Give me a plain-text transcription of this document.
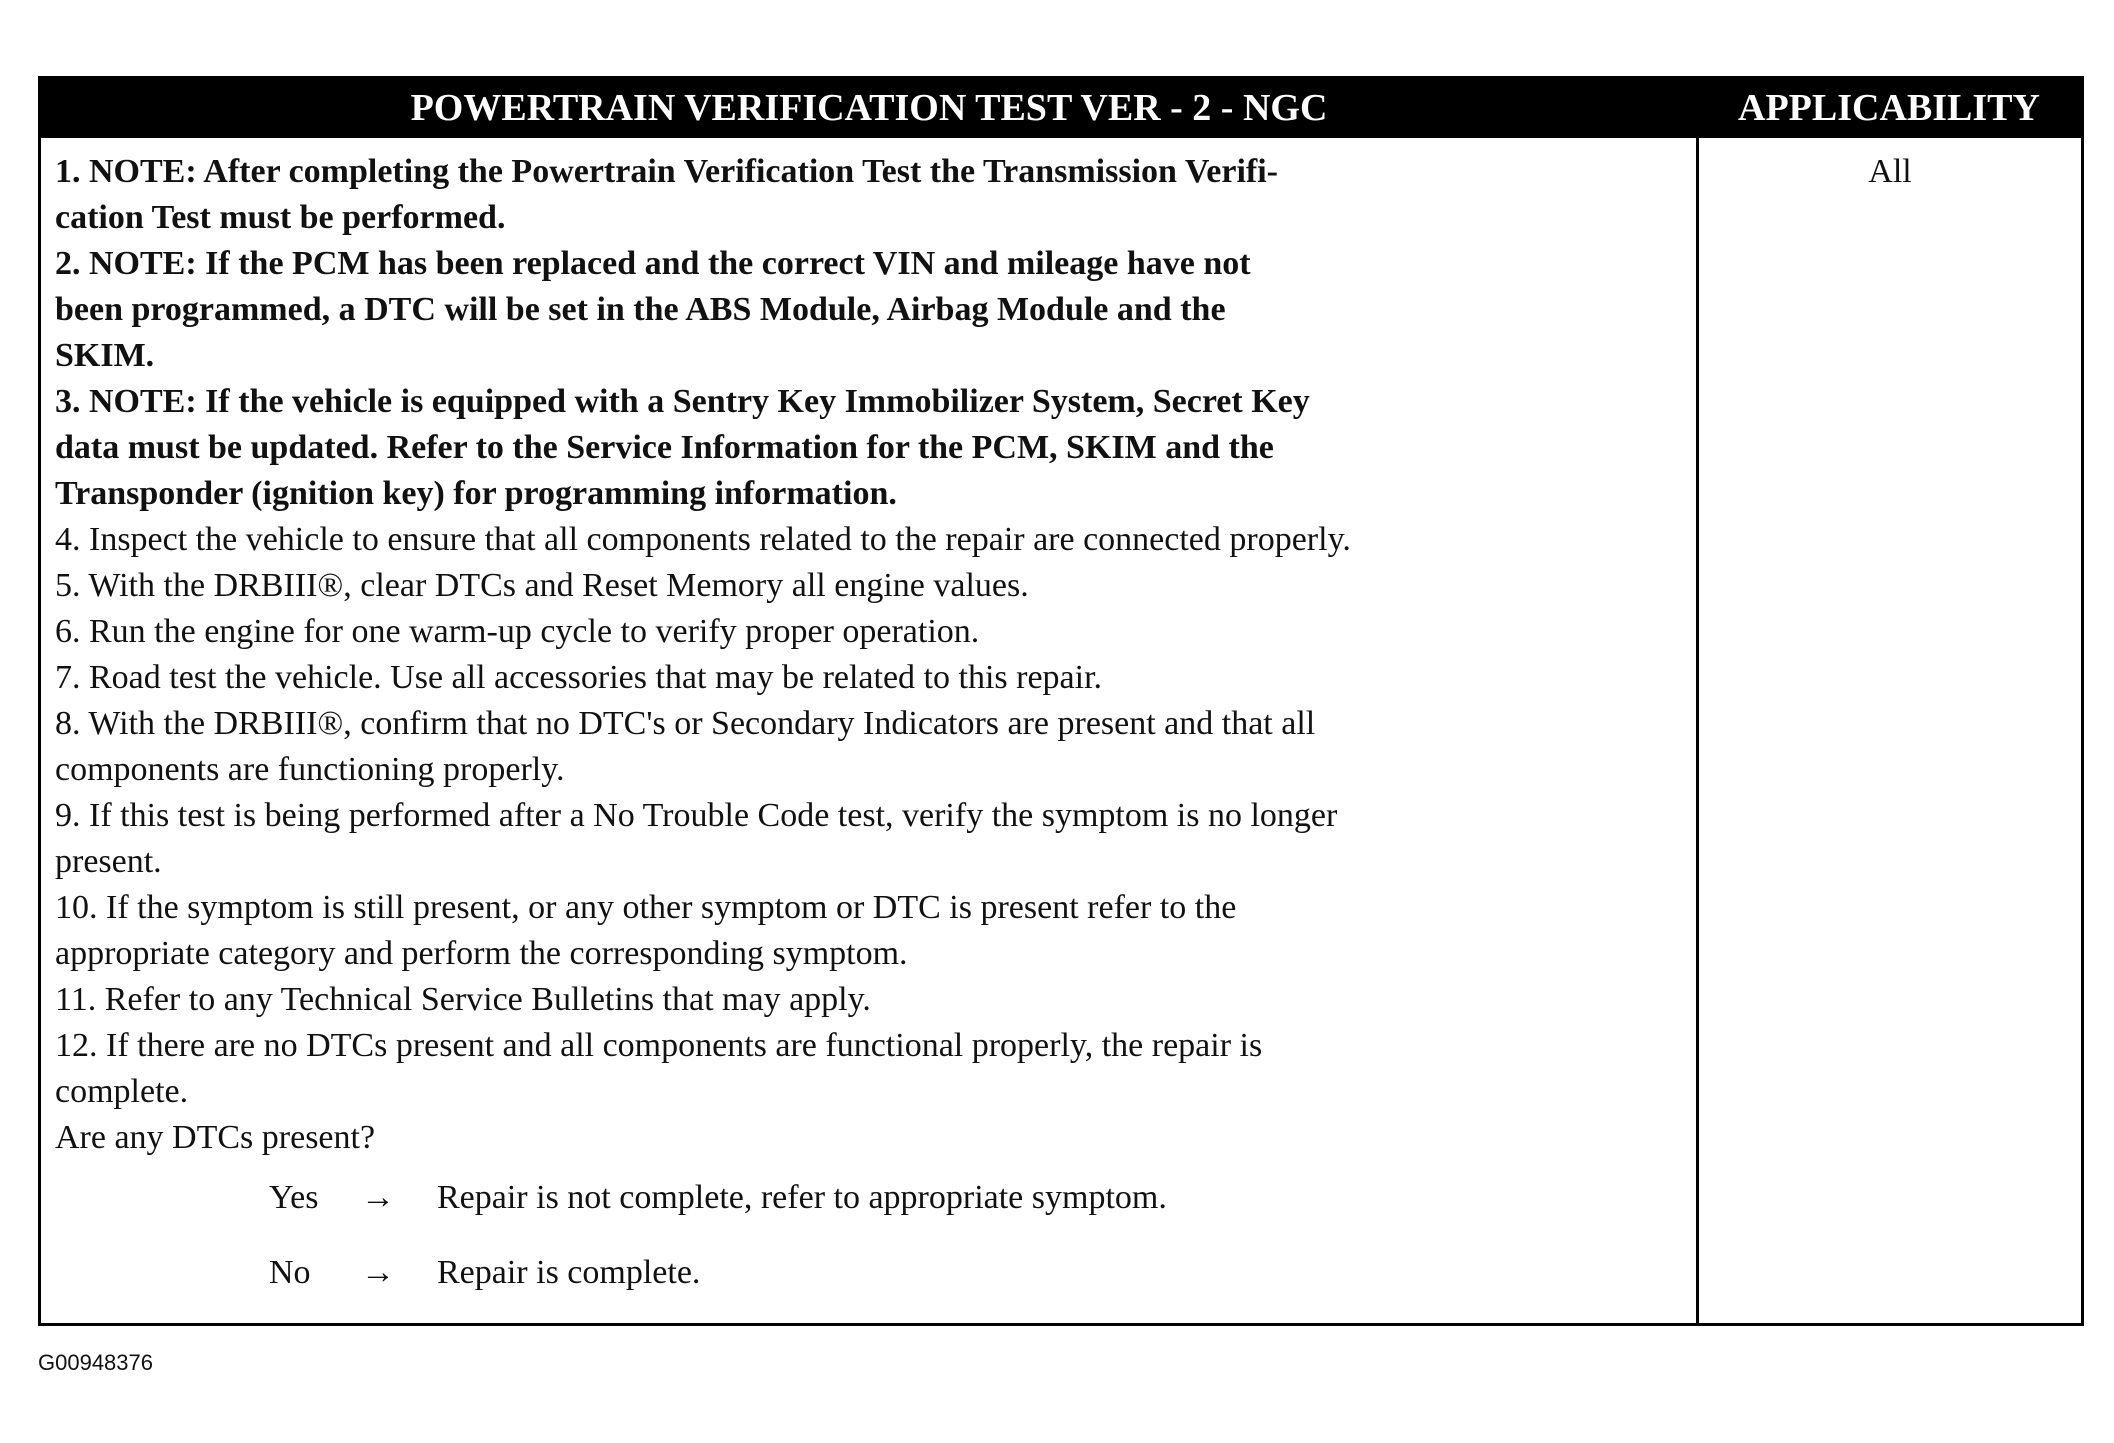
POWERTRAIN VERIFICATION TEST VER - 2 - NGC	APPLICABILITY

1. NOTE: After completing the Powertrain Verification Test the Transmission Verifi-

cation Test must be performed.

2. NOTE: If the PCM has been replaced and the correct VIN and mileage have not

been programmed, a DTC will be set in the ABS Module, Airbag Module and the

SKIM.

3. NOTE: If the vehicle is equipped with a Sentry Key Immobilizer System, Secret Key

data must be updated. Refer to the Service Information for the PCM, SKIM and the

Transponder (ignition key) for programming information.

4. Inspect the vehicle to ensure that all components related to the repair are connected properly.

5. With the DRBIII®, clear DTCs and Reset Memory all engine values.

6. Run the engine for one warm-up cycle to verify proper operation.

7. Road test the vehicle. Use all accessories that may be related to this repair.

8. With the DRBIII®, confirm that no DTC's or Secondary Indicators are present and that all

components are functioning properly.

9. If this test is being performed after a No Trouble Code test, verify the symptom is no longer

present.

10. If the symptom is still present, or any other symptom or DTC is present refer to the

appropriate category and perform the corresponding symptom.

11. Refer to any Technical Service Bulletins that may apply.

12. If there are no DTCs present and all components are functional properly, the repair is

complete.

Are any DTCs present?

Yes → Repair is not complete, refer to appropriate symptom.
No → Repair is complete.
All
G00948376
